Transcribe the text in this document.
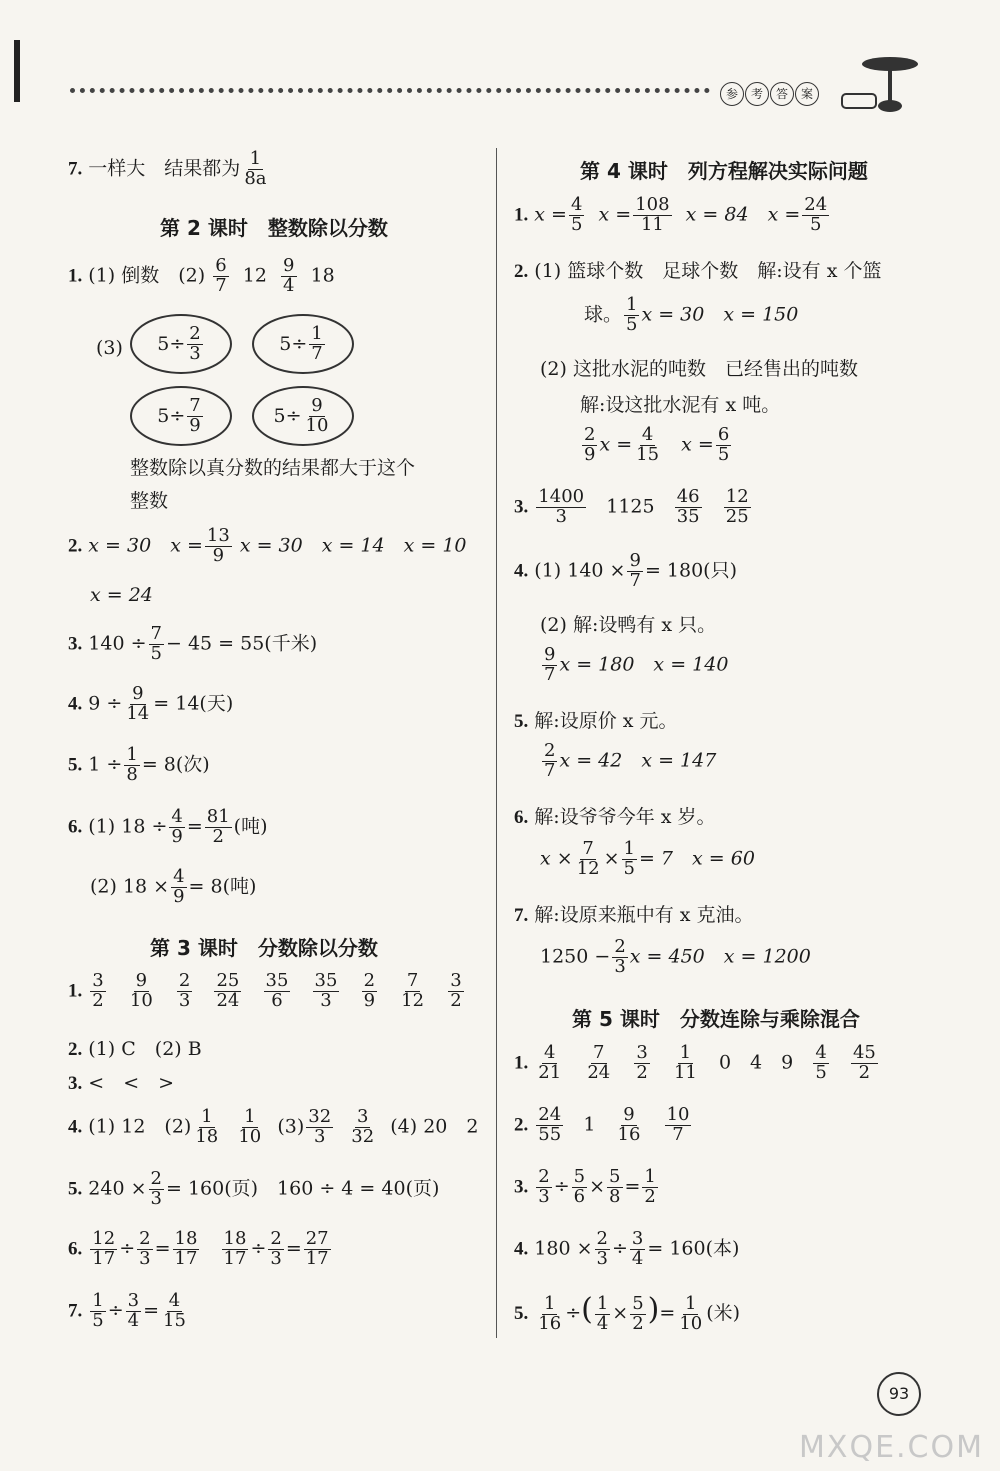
参	考	答	案
7. 一样大　结果都为 $\frac{1}{8a}$
第 2 课时　整数除以分数
1. (1) 倒数　$(2) \frac{6}{7} 12 \frac{9}{4} 18$
(3) $5\div \frac{2}{3}$	$5\div \frac{1}{7}$
$5\div \frac{7}{9}$	$5\div \frac{9}{10}$
整数除以真分数的结果都大于这个
整数
2. x = 30　$x = \frac{13}{9}$ x = 30　x = 14　x = 10
x = 24
3. $140 \div \frac{7}{5} - 45 = 55$(千米)
4. $9 \div \frac{9}{14} = 14$(天)
5. $1 \div \frac{1}{8} = 8$(次)
6. (1) $18 \div \frac{4}{9} = \frac{81}{2}$ (吨)
(2) $18 \times \frac{4}{9} = 8$(吨)
第 3 课时　分数除以分数
1. $\frac{3}{2}$
$\frac{9}{10}$
$\frac{2}{3}$
$\frac{25}{24}$
$\frac{35}{6}$
$\frac{35}{3}$
$\frac{2}{9}$
$\frac{7}{12}$
$\frac{3}{2}$
2. (1) C　(2) B
3. <　<　>
4. (1) 12　$(2) \frac{1}{18}$
$\frac{1}{10} (3) \frac{32}{3}$
$\frac{3}{32} (4)$ 20　2
5. $240 \times \frac{2}{3} = 160$(页)　160 ÷ 4 = 40(页)
6. $\frac{12}{17} \div \frac{2}{3} = \frac{18}{17}$
$\frac{18}{17} \div \frac{2}{3} = \frac{27}{17}$
7. $\frac{1}{5} \div \frac{3}{4} = \frac{4}{15}$
第 4 课时　列方程解决实际问题
1. $x = \frac{4}{5}$ $x = \frac{108}{11}$ x = 84　$x = \frac{24}{5}$
2. (1) 篮球个数　足球个数　解:设有 x 个篮
球。 $\frac{1}{5}$ x = 30　x = 150
(2) 这批水泥的吨数　已经售出的吨数
解:设这批水泥有 x 吨。
$\frac{2}{9}$ $x = \frac{4}{15}$ $x = \frac{6}{5}$
3. $\frac{1400}{3} 1125 \frac{46}{35}$
$\frac{12}{25}$
4. (1) $140 \times \frac{9}{7} = 180$(只)
(2) 解:设鸭有 x 只。
$\frac{9}{7}$ x = 180　x = 140
5. 解:设原价 x 元。
$\frac{2}{7}$ x = 42　x = 147
6. 解:设爷爷今年 x 岁。
$x \times \frac{7}{12} \times \frac{1}{5} = 7$　x = 60
7. 解:设原来瓶中有 x 克油。
$1250 - \frac{2}{3}$ x = 450　x = 1200
第 5 课时　分数连除与乘除混合
1. $\frac{4}{21}$
$\frac{7}{24}$
$\frac{3}{2}$
$\frac{1}{11} 0$　4　$9 \frac{4}{5}$
$\frac{45}{2}$
2. $\frac{24}{55} 1 \frac{9}{16}$
$\frac{10}{7}$
3. $\frac{2}{3} \div \frac{5}{6} \times \frac{5}{8} = \frac{1}{2}$
4. $180 \times \frac{2}{3} \div \frac{3}{4} = 160$(本)
5. $\frac{1}{16}$ ÷( $\frac{1}{4} \times \frac{5}{2}$ )= $\frac{1}{10}$ (米)
93
MXQE.COM
